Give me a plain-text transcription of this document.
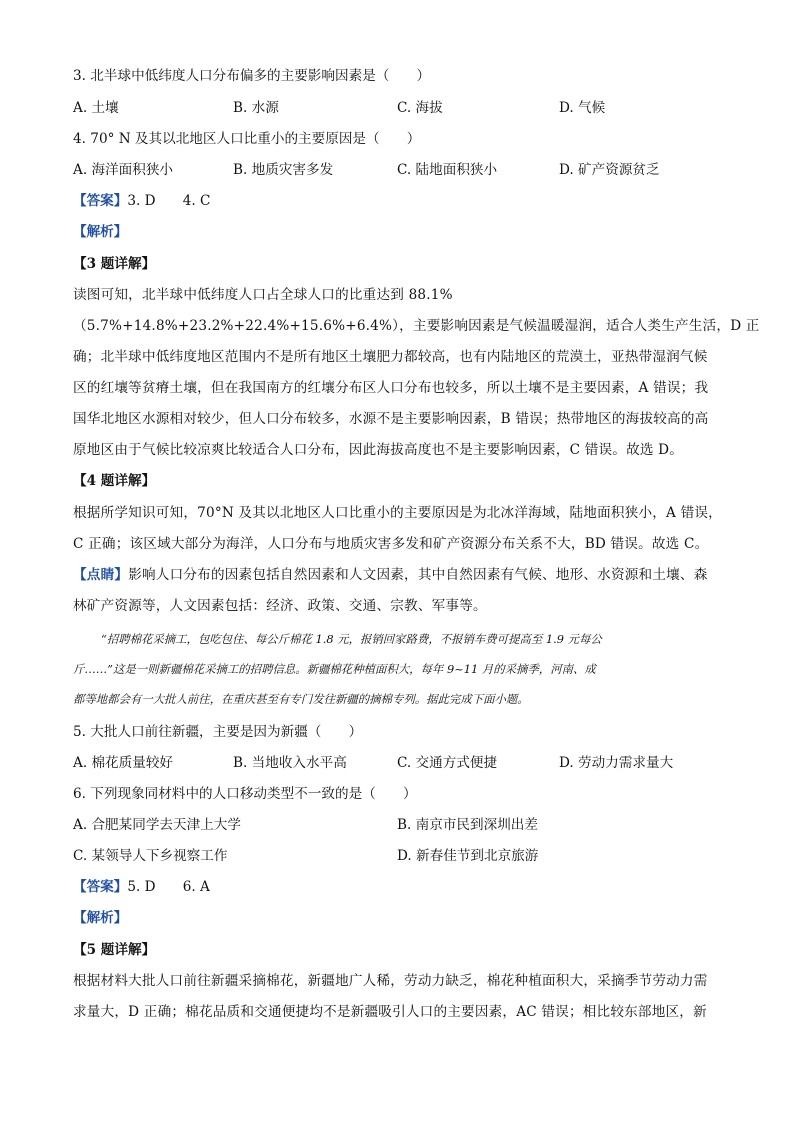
3. 北半球中低纬度人口分布偏多的主要影响因素是（　　）
A. 土壤	B. 水源	C. 海拔	D. 气候
4. 70° N 及其以北地区人口比重小的主要原因是（　　）
A. 海洋面积狭小	B. 地质灾害多发	C. 陆地面积狭小	D. 矿产资源贫乏
【答案】3. D　　4. C
【解析】
【3 题详解】
读图可知，北半球中低纬度人口占全球人口的比重达到 88.1%
（5.7%+14.8%+23.2%+22.4%+15.6%+6.4%），主要影响因素是气候温暖湿润，适合人类生产生活，D 正
确；北半球中低纬度地区范围内不是所有地区土壤肥力都较高，也有内陆地区的荒漠土，亚热带湿润气候
区的红壤等贫瘠土壤，但在我国南方的红壤分布区人口分布也较多，所以土壤不是主要因素，A 错误；我
国华北地区水源相对较少，但人口分布较多，水源不是主要影响因素，B 错误；热带地区的海拔较高的高
原地区由于气候比较凉爽比较适合人口分布，因此海拔高度也不是主要影响因素，C 错误。故选 D。
【4 题详解】
根据所学知识可知，70°N 及其以北地区人口比重小的主要原因是为北冰洋海域，陆地面积狭小，A 错误，
C 正确；该区域大部分为海洋，人口分布与地质灾害多发和矿产资源分布关系不大，BD 错误。故选 C。
【点睛】影响人口分布的因素包括自然因素和人文因素，其中自然因素有气候、地形、水资源和土壤、森
林矿产资源等，人文因素包括：经济、政策、交通、宗教、军事等。
“招聘棉花采摘工，包吃包住、每公斤棉花 1.8 元，报销回家路费，不报销车费可提高至 1.9 元每公
斤……”这是一则新疆棉花采摘工的招聘信息。新疆棉花种植面积大，每年 9~11 月的采摘季，河南、成
都等地都会有一大批人前往，在重庆甚至有专门发往新疆的摘棉专列。据此完成下面小题。
5. 大批人口前往新疆，主要是因为新疆（　　）
A. 棉花质量较好	B. 当地收入水平高	C. 交通方式便捷	D. 劳动力需求量大
6. 下列现象同材料中的人口移动类型不一致的是（　　）
A. 合肥某同学去天津上大学	B. 南京市民到深圳出差
C. 某领导人下乡视察工作	D. 新春佳节到北京旅游
【答案】5. D　　6. A
【解析】
【5 题详解】
根据材料大批人口前往新疆采摘棉花，新疆地广人稀，劳动力缺乏，棉花种植面积大，采摘季节劳动力需
求量大，D 正确；棉花品质和交通便捷均不是新疆吸引人口的主要因素，AC 错误；相比较东部地区，新
